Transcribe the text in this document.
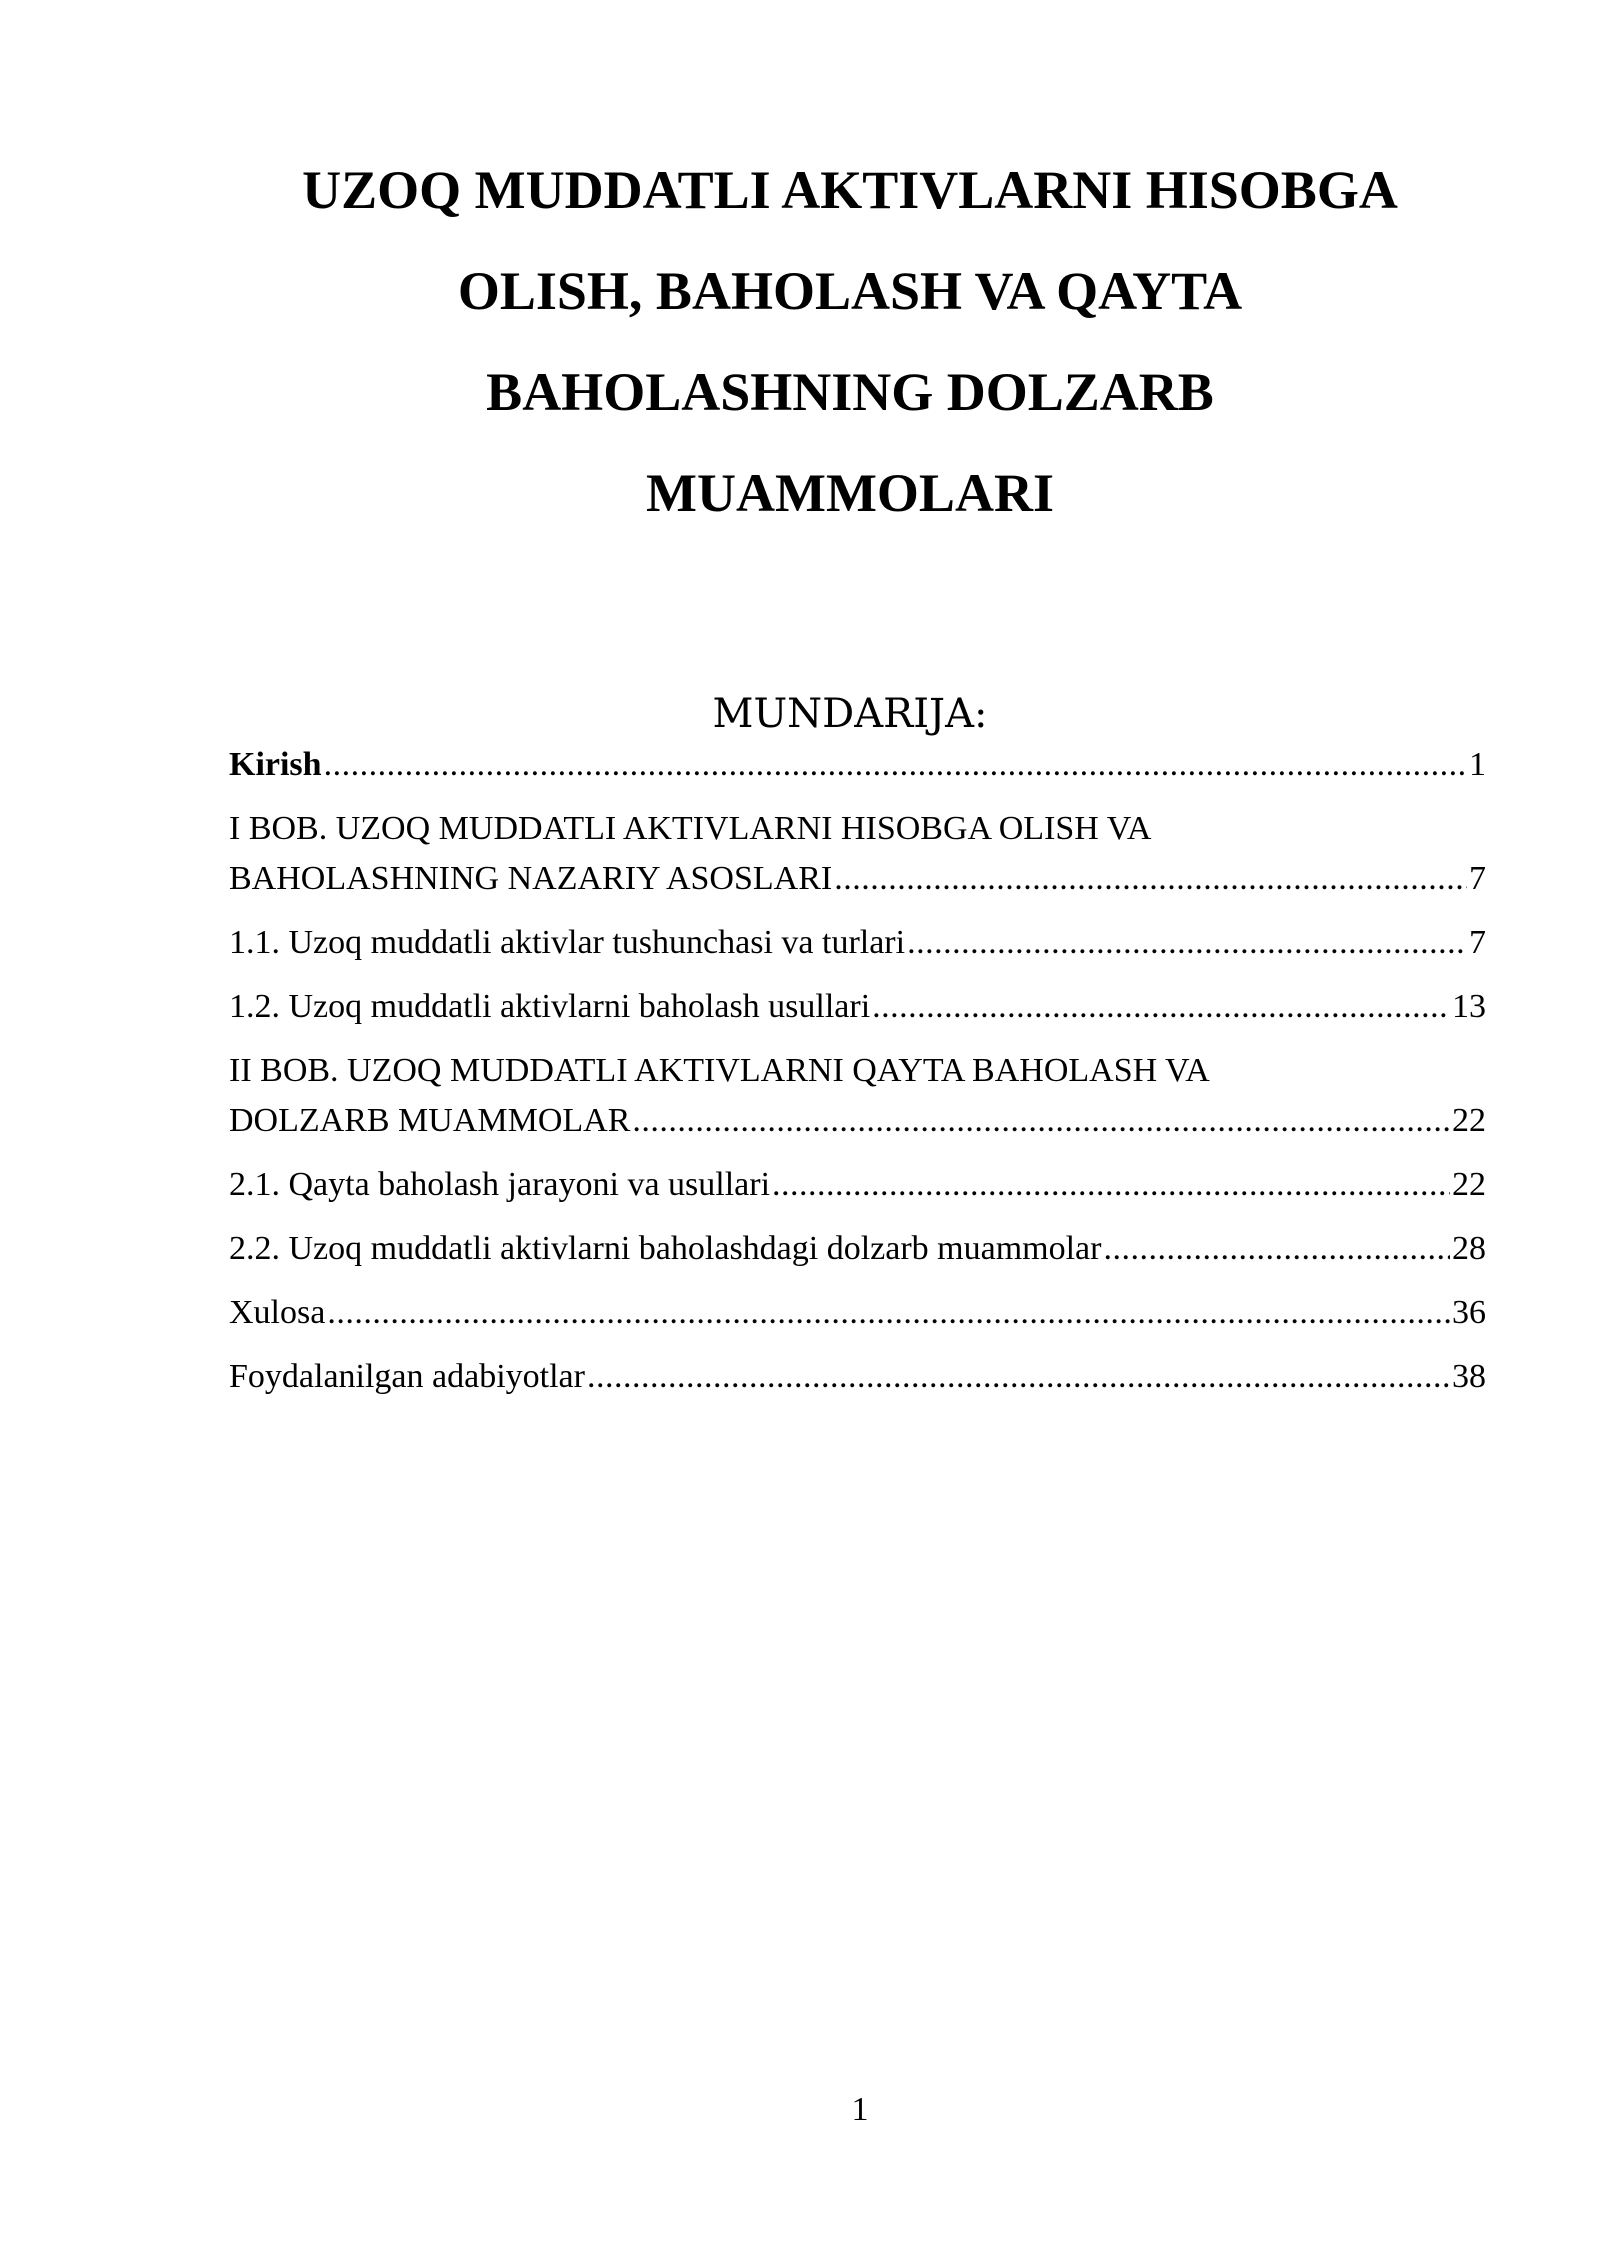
UZOQ MUDDATLI AKTIVLARNI HISOBGA
OLISH, BAHOLASH VA QAYTA
BAHOLASHNING DOLZARB
MUAMMOLARI
MUNDARIJA:
Kirish .....	1
I BOB. UZOQ MUDDATLI AKTIVLARNI HISOBGA OLISH VA
BAHOLASHNING NAZARIY ASOSLARI .....	7
1.1. Uzoq muddatli aktivlar tushunchasi va turlari .....	7
1.2. Uzoq muddatli aktivlarni baholash usullari .....	13
II BOB. UZOQ MUDDATLI AKTIVLARNI QAYTA BAHOLASH VA
DOLZARB MUAMMOLAR .....	22
2.1. Qayta baholash jarayoni va usullari .....	22
2.2. Uzoq muddatli aktivlarni baholashdagi dolzarb muammolar .....	28
Xulosa .....	36
Foydalanilgan adabiyotlar .....	38
1
